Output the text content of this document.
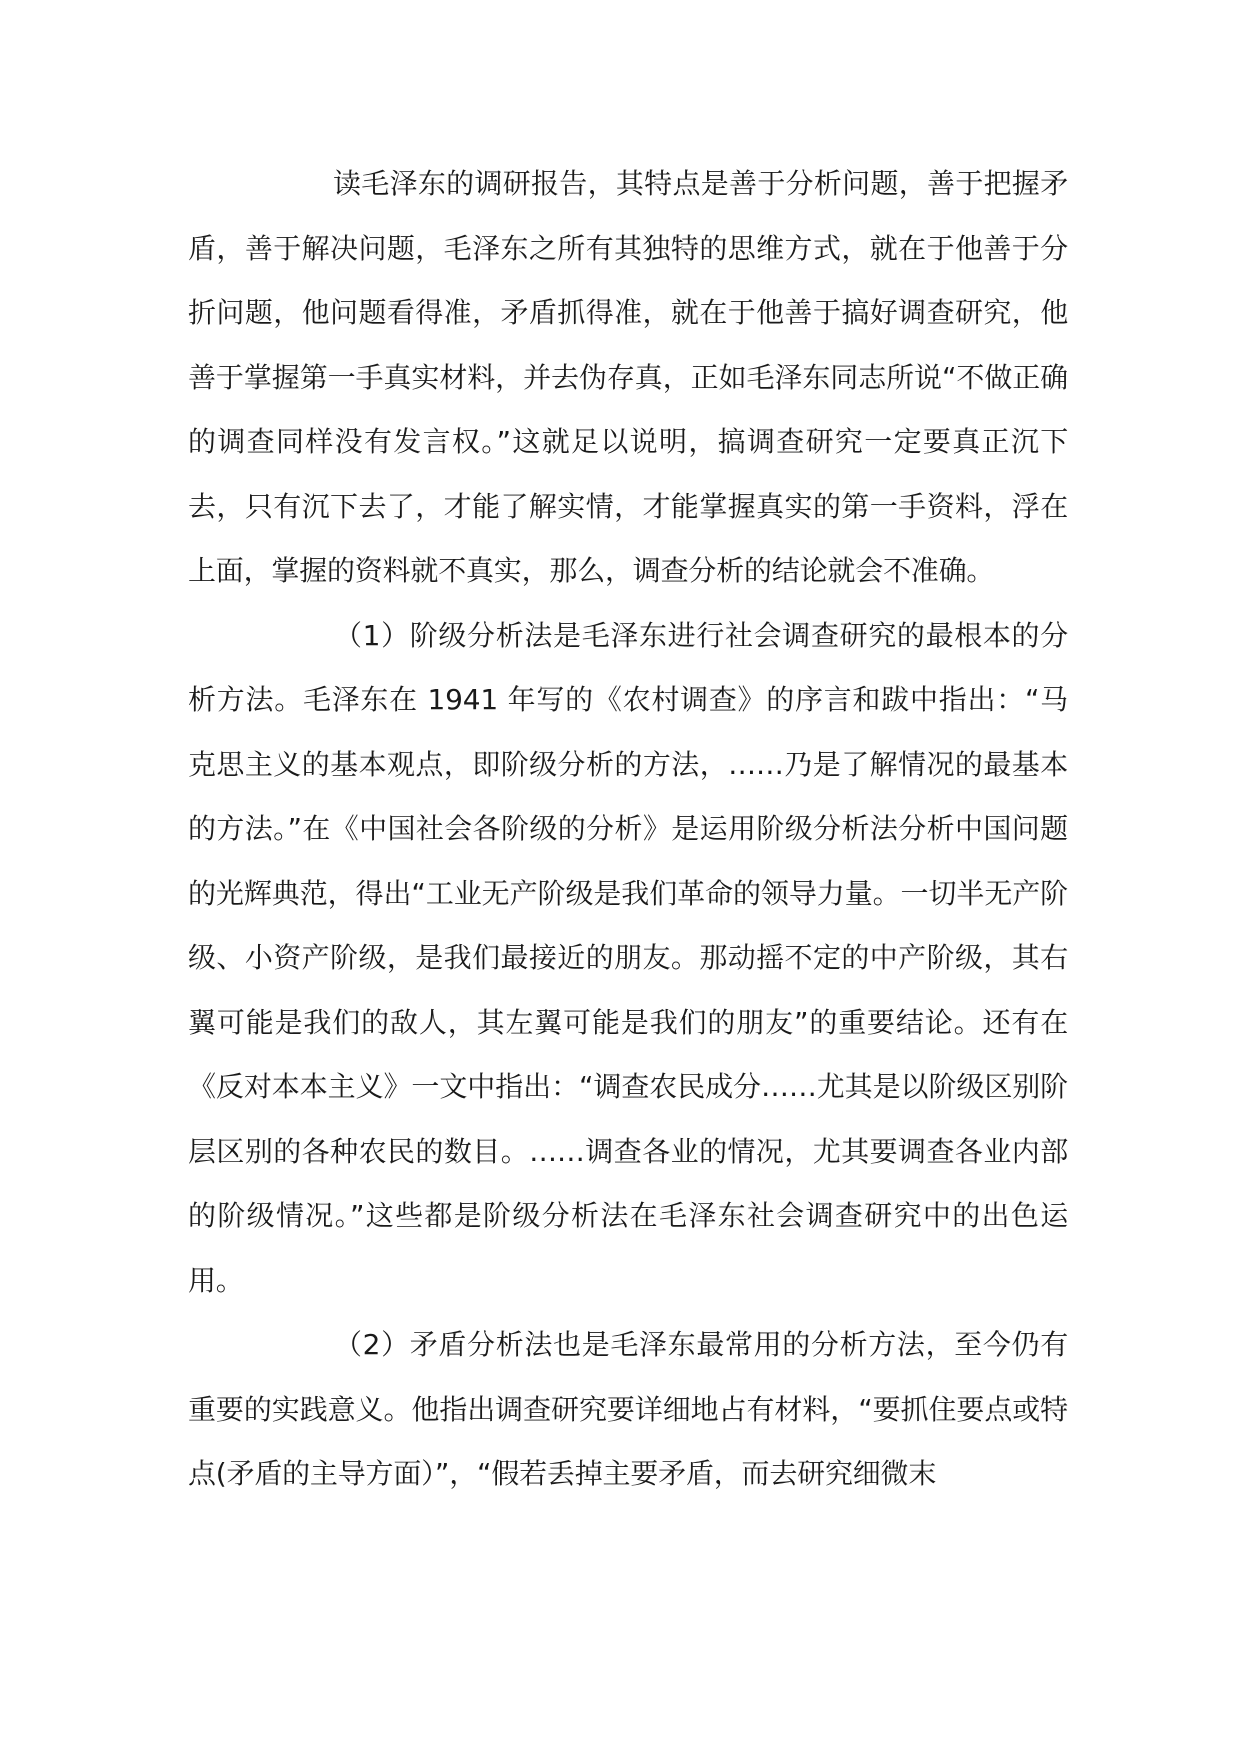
读毛泽东的调研报告，其特点是善于分析问题，善于把握矛盾，善于解决问题，毛泽东之所有其独特的思维方式，就在于他善于分折问题，他问题看得准，矛盾抓得准，就在于他善于搞好调查研究，他善于掌握第一手真实材料，并去伪存真，正如毛泽东同志所说“不做正确的调查同样没有发言权。”这就足以说明，搞调查研究一定要真正沉下去，只有沉下去了，才能了解实情，才能掌握真实的第一手资料，浮在上面，掌握的资料就不真实，那么，调查分析的结论就会不准确。

（1）阶级分析法是毛泽东进行社会调查研究的最根本的分析方法。毛泽东在 1941 年写的《农村调查》的序言和跋中指出：“马克思主义的基本观点，即阶级分析的方法，……乃是了解情况的最基本的方法。”在《中国社会各阶级的分析》是运用阶级分析法分析中国问题的光辉典范，得出“工业无产阶级是我们革命的领导力量。一切半无产阶级、小资产阶级，是我们最接近的朋友。那动摇不定的中产阶级，其右翼可能是我们的敌人，其左翼可能是我们的朋友”的重要结论。还有在《反对本本主义》一文中指出：“调查农民成分……尤其是以阶级区别阶层区别的各种农民的数目。……调查各业的情况，尤其要调查各业内部的阶级情况。”这些都是阶级分析法在毛泽东社会调查研究中的出色运用。

（2）矛盾分析法也是毛泽东最常用的分析方法，至今仍有重要的实践意义。他指出调查研究要详细地占有材料，“要抓住要点或特点(矛盾的主导方面）”，“假若丢掉主要矛盾，而去研究细微末
